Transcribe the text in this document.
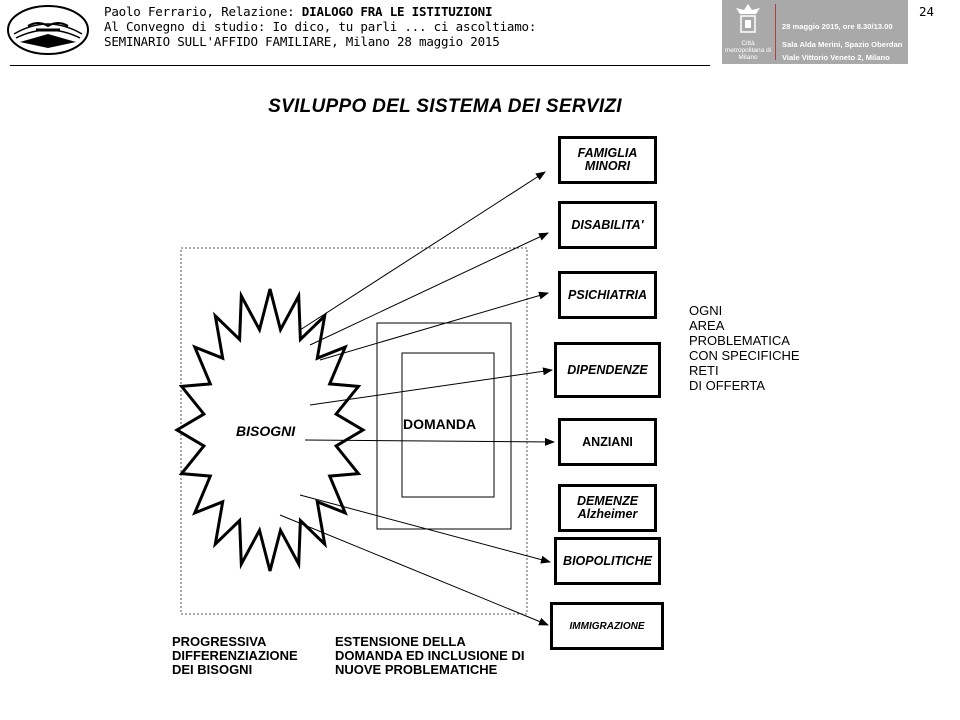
Paolo Ferrario, Relazione: DIALOGO FRA LE ISTITUZIONI
Al Convegno di studio: Io dico, tu parli ... ci ascoltiamo:
SEMINARIO SULL'AFFIDO FAMILIARE, Milano 28 maggio 2015
24
Città metropolitana di Milano
28 maggio 2015, ore 8.30/13.00
Sala Alda Merini, Spazio Oberdan
Viale Vittorio Veneto 2, Milano
SVILUPPO DEL SISTEMA DEI SERVIZI
BISOGNI	DOMANDA
FAMIGLIA
MINORI
DISABILITA'
PSICHIATRIA
DIPENDENZE
ANZIANI
DEMENZE
Alzheimer
BIOPOLITICHE
IMMIGRAZIONE
OGNI
AREA
PROBLEMATICA
CON SPECIFICHE
RETI
DI OFFERTA
PROGRESSIVA
DIFFERENZIAZIONE
DEI BISOGNI
ESTENSIONE DELLA
DOMANDA ED INCLUSIONE DI
NUOVE PROBLEMATICHE
